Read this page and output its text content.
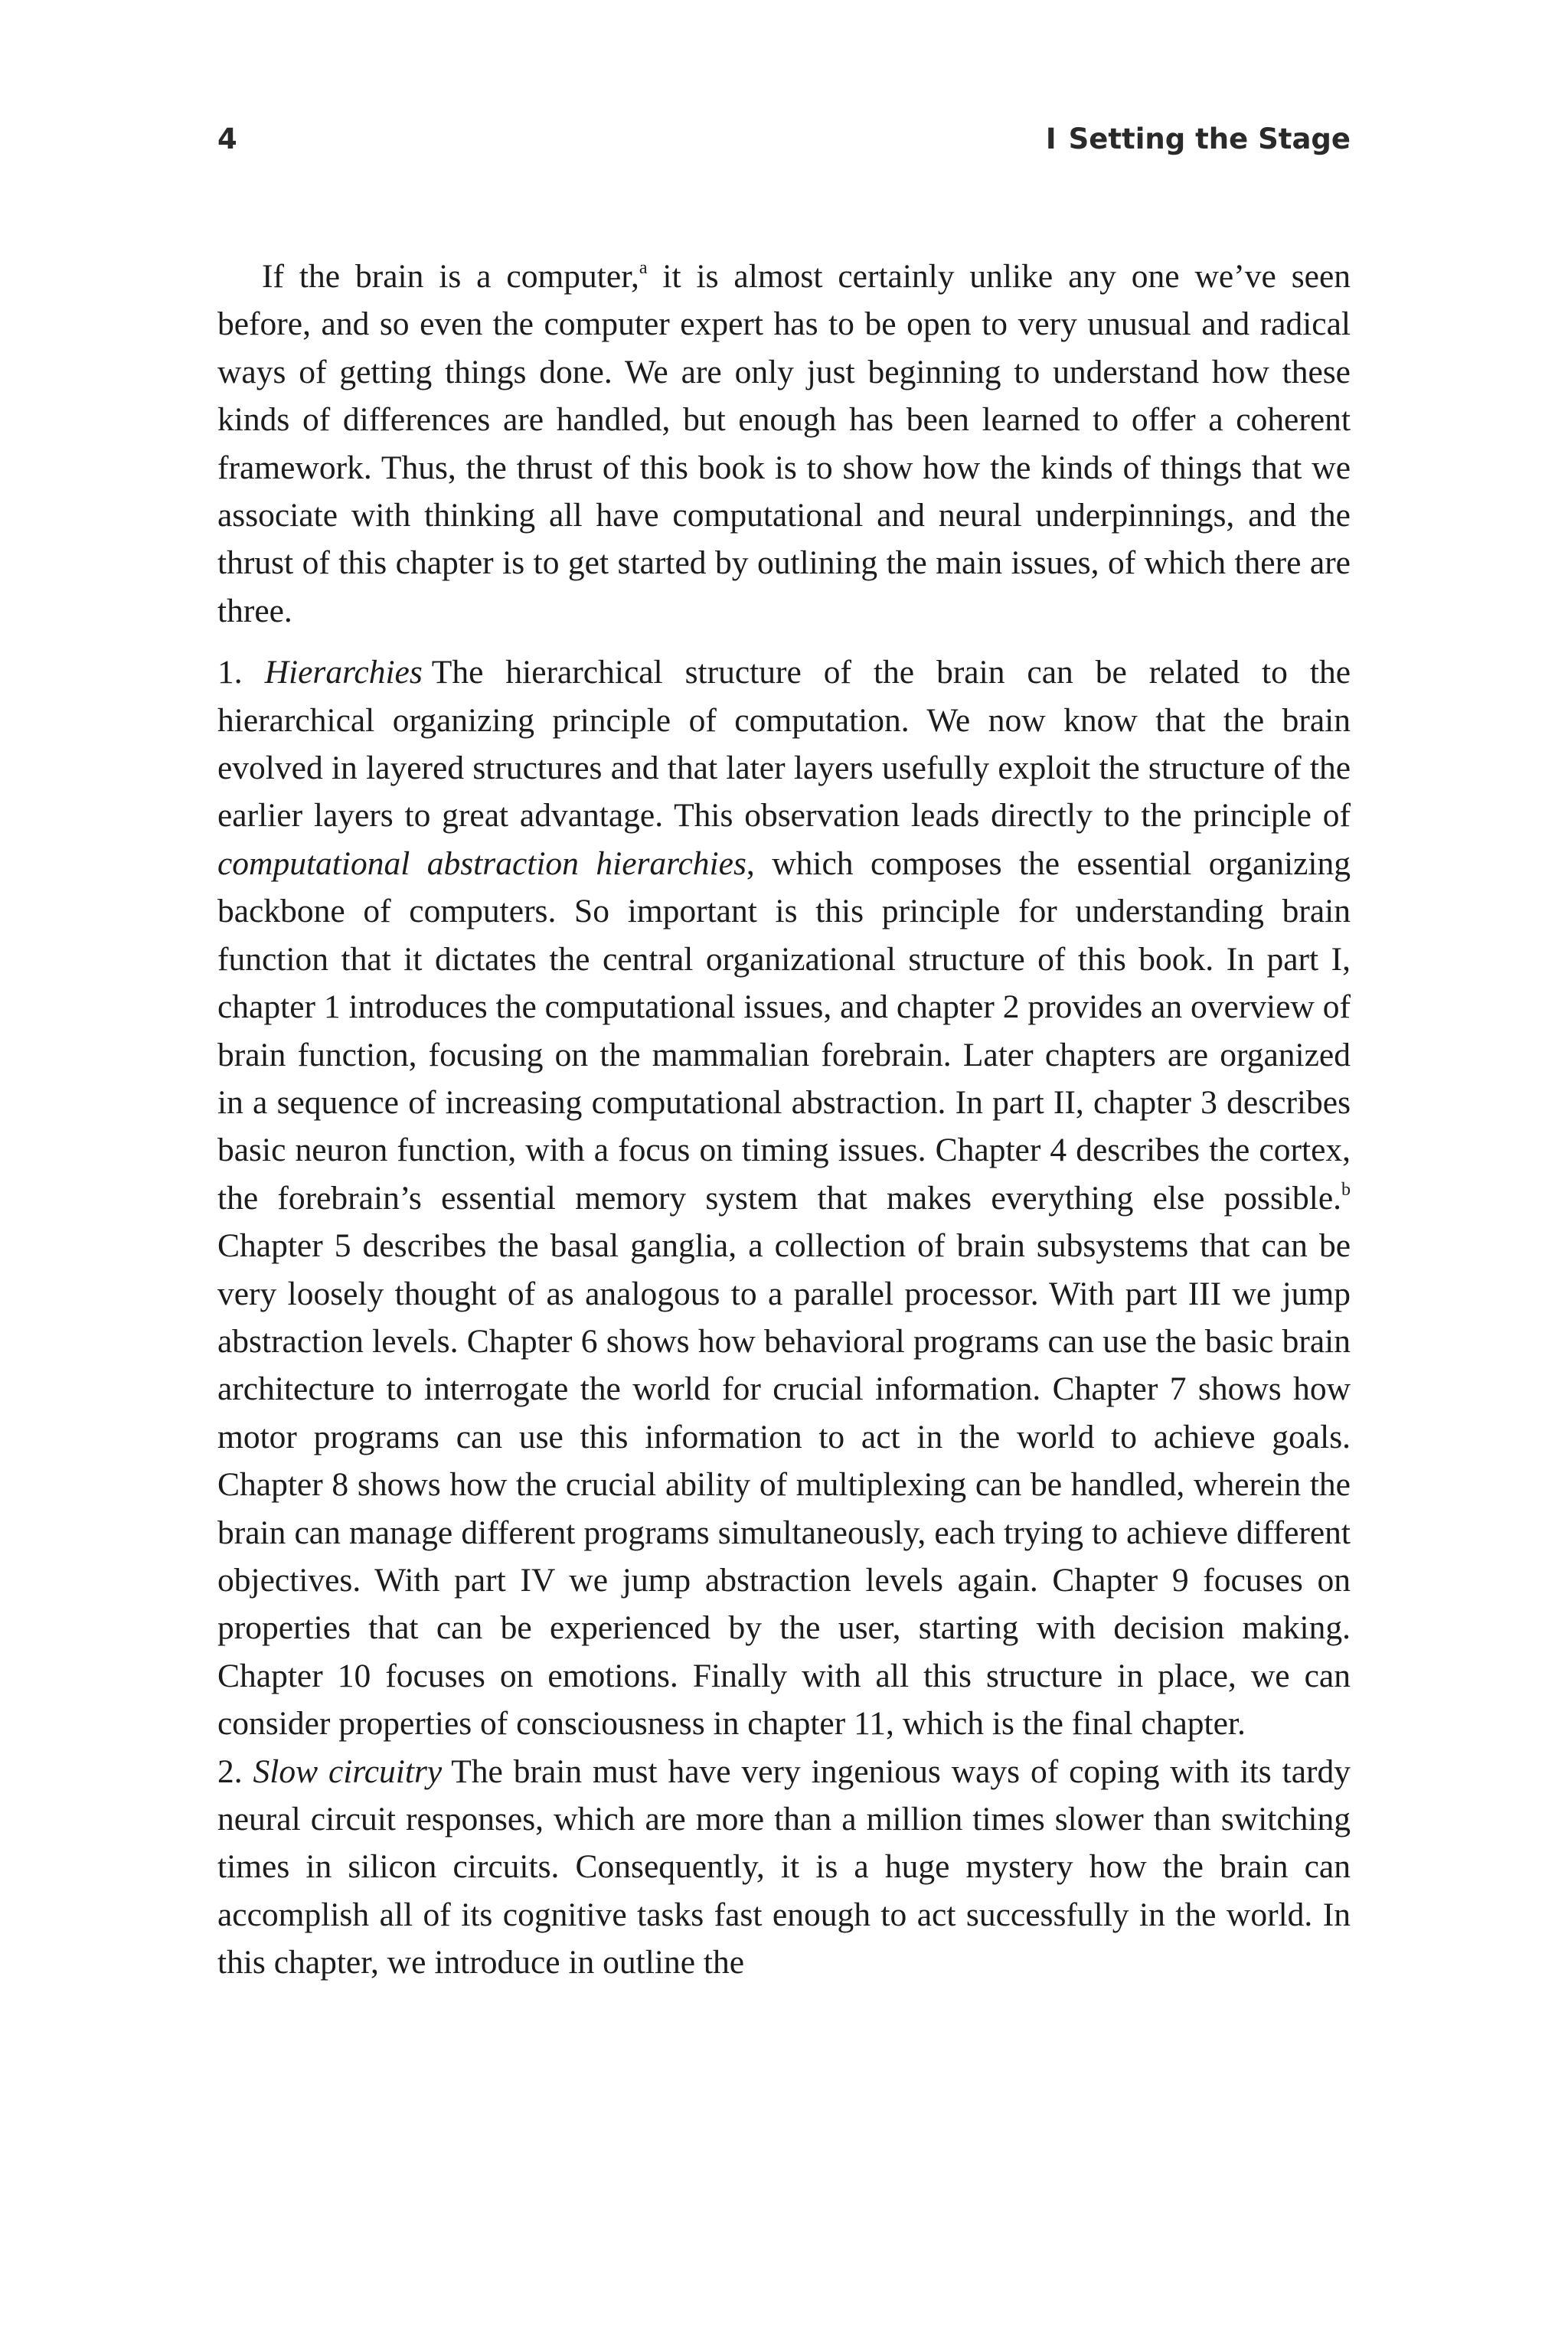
4	I Setting the Stage

If the brain is a computer,$^a$ it is almost certainly unlike any one we’ve seen before, and so even the computer expert has to be open to very unusual and radical ways of getting things done. We are only just beginning to understand how these kinds of differences are handled, but enough has been learned to offer a coherent framework. Thus, the thrust of this book is to show how the kinds of things that we associate with thinking all have computational and neural underpinnings, and the thrust of this chapter is to get started by outlining the main issues, of which there are three.

1. Hierarchies The hierarchical structure of the brain can be related to the hierarchical organizing principle of computation. We now know that the brain evolved in layered structures and that later layers usefully exploit the structure of the earlier layers to great advantage. This observation leads directly to the principle of computational abstraction hierarchies, which composes the essential organizing backbone of computers. So important is this principle for understanding brain function that it dictates the central organizational structure of this book. In part I, chapter 1 introduces the computational issues, and chapter 2 provides an overview of brain function, focusing on the mammalian forebrain. Later chapters are organized in a sequence of increasing computational abstraction. In part II, chapter 3 describes basic neuron function, with a focus on timing issues. Chapter 4 describes the cortex, the forebrain’s essential memory system that makes everything else possible.$^b$ Chapter 5 describes the basal ganglia, a collection of brain subsystems that can be very loosely thought of as analogous to a parallel processor. With part III we jump abstraction levels. Chapter 6 shows how behavioral programs can use the basic brain architecture to interrogate the world for crucial information. Chapter 7 shows how motor programs can use this information to act in the world to achieve goals. Chapter 8 shows how the crucial ability of multiplexing can be handled, wherein the brain can manage different programs simultaneously, each trying to achieve different objectives. With part IV we jump abstraction levels again. Chapter 9 focuses on properties that can be experienced by the user, starting with decision making. Chapter 10 focuses on emotions. Finally with all this structure in place, we can consider properties of consciousness in chapter 11, which is the final chapter.

2. Slow circuitry The brain must have very ingenious ways of coping with its tardy neural circuit responses, which are more than a million times slower than switching times in silicon circuits. Consequently, it is a huge mystery how the brain can accomplish all of its cognitive tasks fast enough to act successfully in the world. In this chapter, we introduce in outline the
